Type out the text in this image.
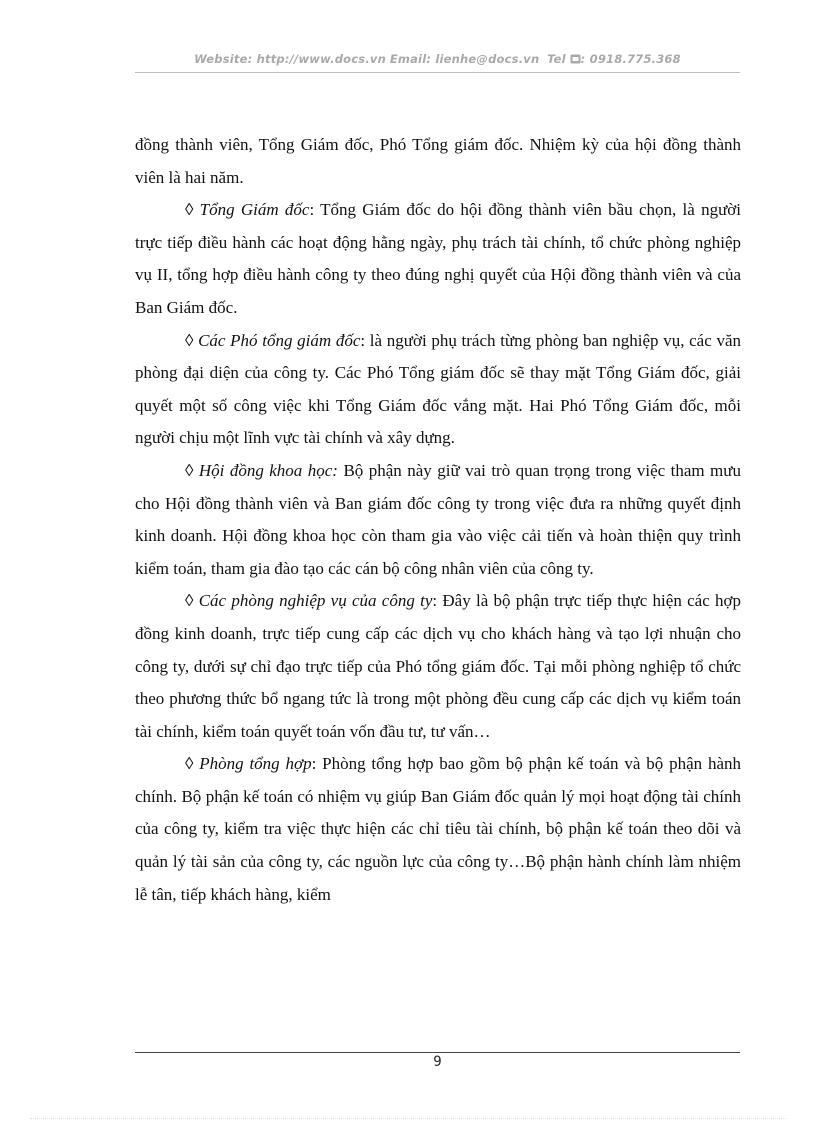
Website: http://www.docs.vn Email: lienhe@docs.vn Tel : 0918.775.368

đồng thành viên, Tổng Giám đốc, Phó Tổng giám đốc. Nhiệm kỳ của hội đồng thành viên là hai năm.

◊ Tổng Giám đốc: Tổng Giám đốc do hội đồng thành viên bầu chọn, là người trực tiếp điều hành các hoạt động hằng ngày, phụ trách tài chính, tổ chức phòng nghiệp vụ II, tổng hợp điều hành công ty theo đúng nghị quyết của Hội đồng thành viên và của Ban Giám đốc.

◊ Các Phó tổng giám đốc: là người phụ trách từng phòng ban nghiệp vụ, các văn phòng đại diện của công ty. Các Phó Tổng giám đốc sẽ thay mặt Tổng Giám đốc, giải quyết một số công việc khi Tổng Giám đốc vắng mặt. Hai Phó Tổng Giám đốc, mỗi người chịu một lĩnh vực tài chính và xây dựng.

◊ Hội đồng khoa học: Bộ phận này giữ vai trò quan trọng trong việc tham mưu cho Hội đồng thành viên và Ban giám đốc công ty trong việc đưa ra những quyết định kinh doanh. Hội đồng khoa học còn tham gia vào việc cải tiến và hoàn thiện quy trình kiểm toán, tham gia đào tạo các cán bộ công nhân viên của công ty.

◊ Các phòng nghiệp vụ của công ty: Đây là bộ phận trực tiếp thực hiện các hợp đồng kinh doanh, trực tiếp cung cấp các dịch vụ cho khách hàng và tạo lợi nhuận cho công ty, dưới sự chỉ đạo trực tiếp của Phó tổng giám đốc. Tại mỗi phòng nghiệp tổ chức theo phương thức bổ ngang tức là trong một phòng đều cung cấp các dịch vụ kiểm toán tài chính, kiểm toán quyết toán vốn đầu tư, tư vấn…

◊ Phòng tổng hợp: Phòng tổng hợp bao gồm bộ phận kế toán và bộ phận hành chính. Bộ phận kế toán có nhiệm vụ giúp Ban Giám đốc quản lý mọi hoạt động tài chính của công ty, kiểm tra việc thực hiện các chỉ tiêu tài chính, bộ phận kế toán theo dõi và quản lý tài sản của công ty, các nguồn lực của công ty…Bộ phận hành chính làm nhiệm lễ tân, tiếp khách hàng, kiểm

9
